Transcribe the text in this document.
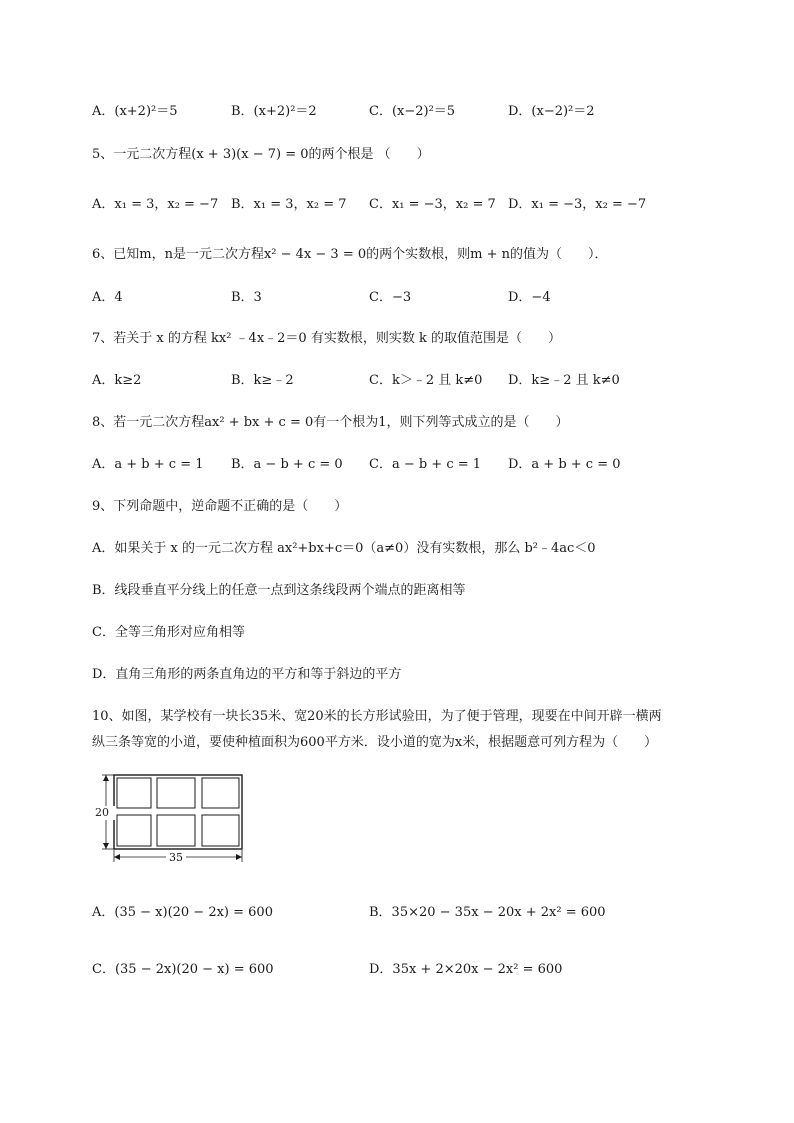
A．(x+2)²＝5	B．(x+2)²＝2	C．(x−2)²＝5	D．(x−2)²＝2
5、一元二次方程(x + 3)(x − 7) = 0的两个根是 （　　）
A．x₁ = 3，x₂ = −7 B．x₁ = 3，x₂ = 7 C．x₁ = −3，x₂ = 7 D．x₁ = −3，x₂ = −7
6、已知m，n是一元二次方程x² − 4x − 3 = 0的两个实数根，则m + n的值为（　　）．
A．4	B．3	C．−3	D．−4
7、若关于 x 的方程 kx² ﹣4x﹣2＝0 有实数根，则实数 k 的取值范围是（　　）
A．k≥2	B．k≥﹣2	C．k＞﹣2 且 k≠0 D．k≥﹣2 且 k≠0
8、若一元二次方程ax² + bx + c = 0有一个根为1，则下列等式成立的是（　　）
A．a + b + c = 1 B．a − b + c = 0 C．a − b + c = 1 D．a + b + c = 0
9、下列命题中，逆命题不正确的是（　　）
A．如果关于 x 的一元二次方程 ax²+bx+c＝0（a≠0）没有实数根，那么 b²﹣4ac＜0
B．线段垂直平分线上的任意一点到这条线段两个端点的距离相等
C．全等三角形对应角相等
D．直角三角形的两条直角边的平方和等于斜边的平方
10、如图，某学校有一块长35米、宽20米的长方形试验田，为了便于管理，现要在中间开辟一横两
纵三条等宽的小道，要使种植面积为600平方米．设小道的宽为x米，根据题意可列方程为（　　）
20
35
A．(35 − x)(20 − 2x) = 600	B．35×20 − 35x − 20x + 2x² = 600
C．(35 − 2x)(20 − x) = 600	D．35x + 2×20x − 2x² = 600
